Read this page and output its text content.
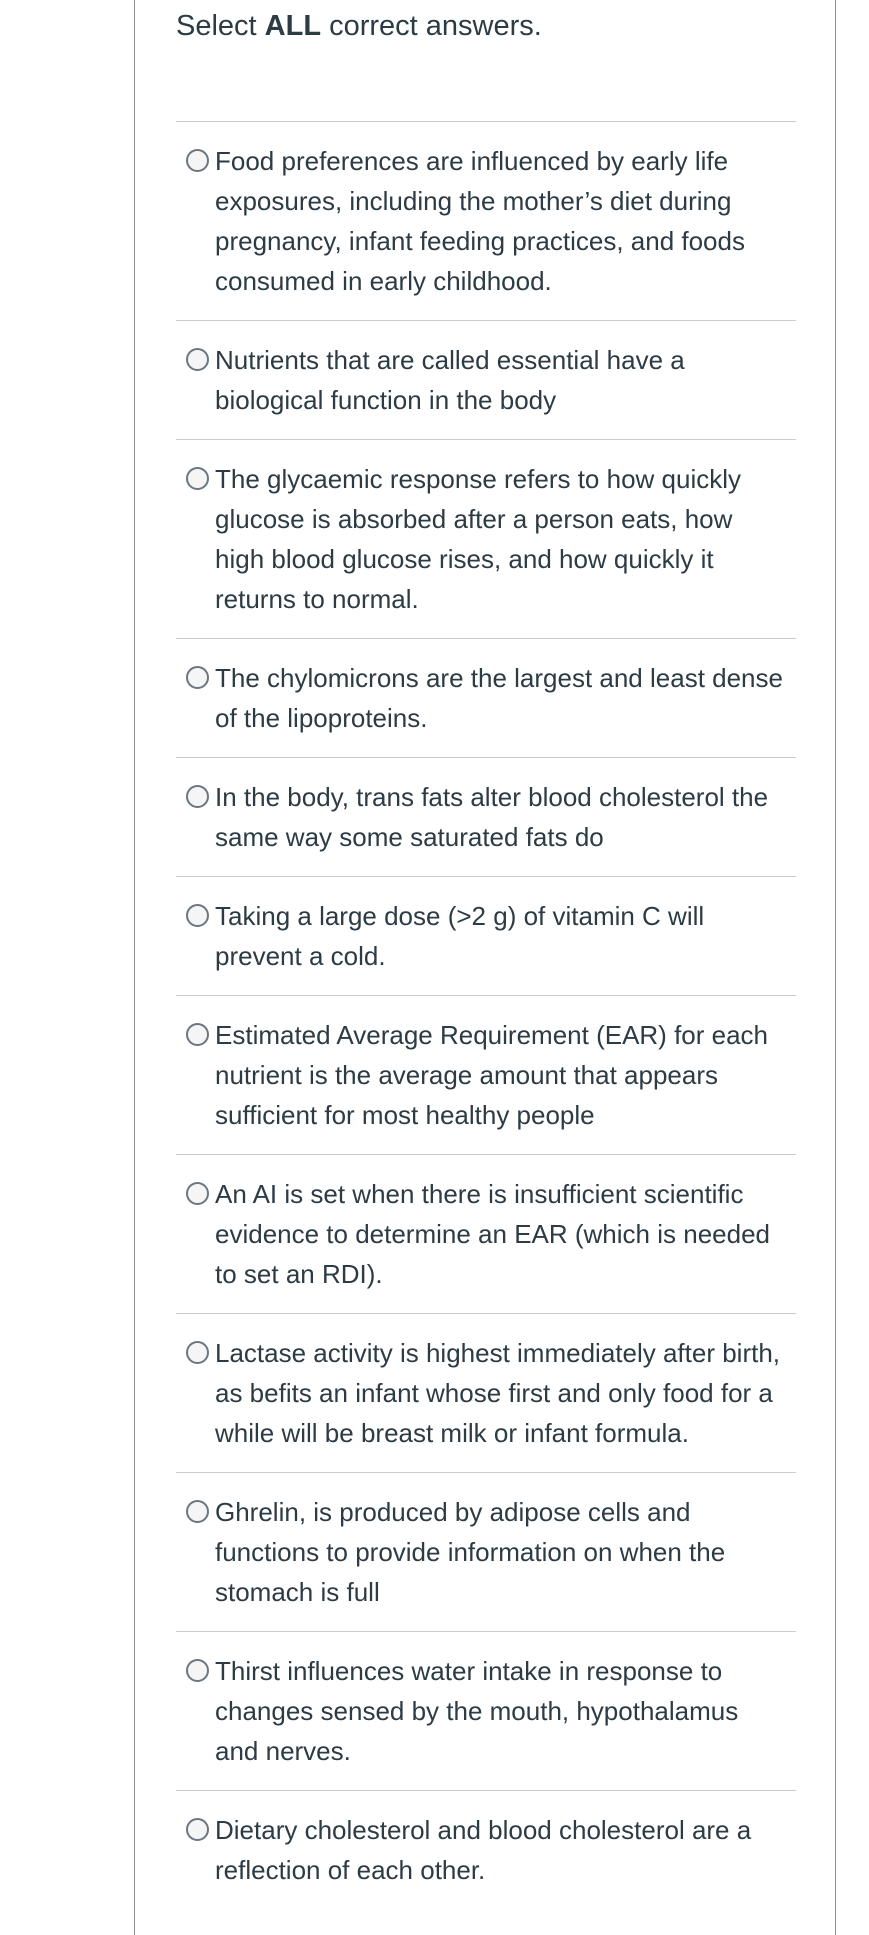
Select ALL correct answers.

Food preferences are influenced by early life exposures, including the mother’s diet during pregnancy, infant feeding practices, and foods consumed in early childhood.
Nutrients that are called essential have a biological function in the body
The glycaemic response refers to how quickly glucose is absorbed after a person eats, how high blood glucose rises, and how quickly it returns to normal.
The chylomicrons are the largest and least dense of the lipoproteins.
In the body, trans fats alter blood cholesterol the same way some saturated fats do
Taking a large dose (>2 g) of vitamin C will prevent a cold.
Estimated Average Requirement (EAR) for each nutrient is the average amount that appears sufficient for most healthy people
An AI is set when there is insufficient scientific evidence to determine an EAR (which is needed to set an RDI).
Lactase activity is highest immediately after birth, as befits an infant whose first and only food for a while will be breast milk or infant formula.
Ghrelin, is produced by adipose cells and functions to provide information on when the stomach is full
Thirst influences water intake in response to changes sensed by the mouth, hypothalamus and nerves.
Dietary cholesterol and blood cholesterol are a reflection of each other.
